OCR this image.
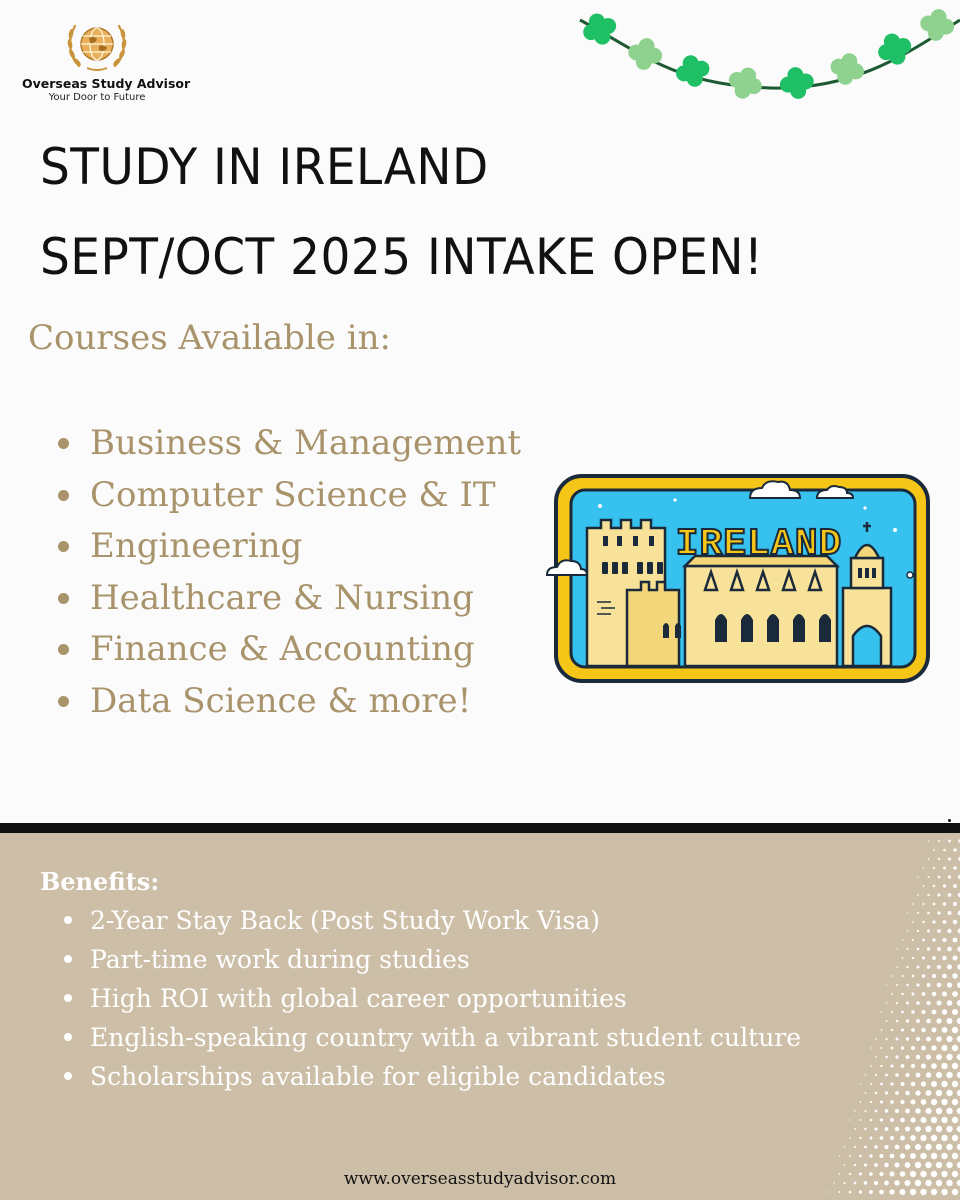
Overseas Study Advisor
Your Door to Future
STUDY IN IRELAND
SEPT/OCT 2025 INTAKE OPEN!
Courses Available in:
Business & Management
Computer Science & IT
Engineering
Healthcare & Nursing
Finance & Accounting
Data Science & more!
IRELAND
Benefits:
2-Year Stay Back (Post Study Work Visa)
Part-time work during studies
High ROI with global career opportunities
English-speaking country with a vibrant student culture
Scholarships available for eligible candidates
www.overseasstudyadvisor.com
